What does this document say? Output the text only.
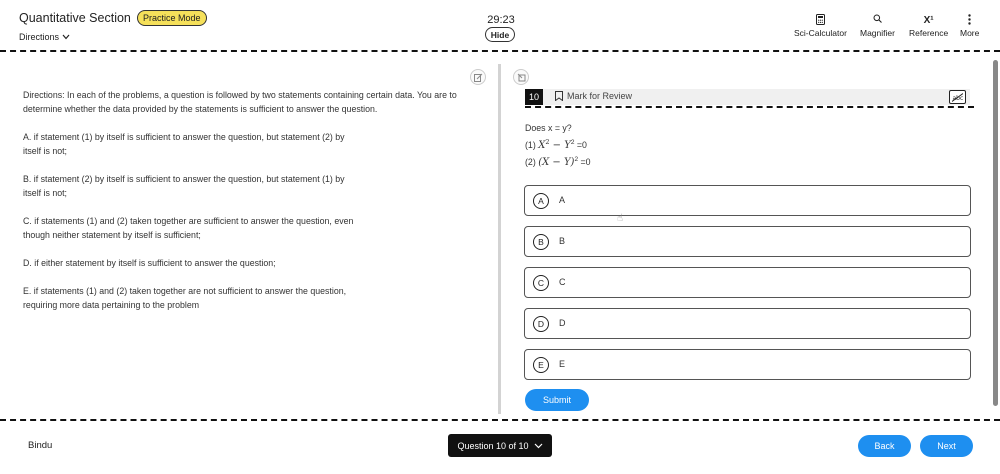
Quantitative Section	Practice Mode
Directions
29:23
Hide	Sci-Calculator Magnifier
X¹
Reference More

Directions: In each of the problems, a question is followed by two statements containing certain data. You are to determine whether the data provided by the statements is sufficient to answer the question.

A. if statement (1) by itself is sufficient to answer the question, but statement (2) by itself is not;

B. if statement (2) by itself is sufficient to answer the question, but statement (1) by itself is not;

C. if statements (1) and (2) taken together are sufficient to answer the question, even though neither statement by itself is sufficient;

D. if either statement by itself is sufficient to answer the question;

E. if statements (1) and (2) taken together are not sufficient to answer the question, requiring more data pertaining to the problem

10	Mark for Review	abc
Does x = y?
(1) $X^2 - Y^2 =0$
(2) $(X - Y)^2 =0$
A	A
B	B
C	C
D	D
E	E
☝
Submit
Bindu	Question 10 of 10	Back	Next
